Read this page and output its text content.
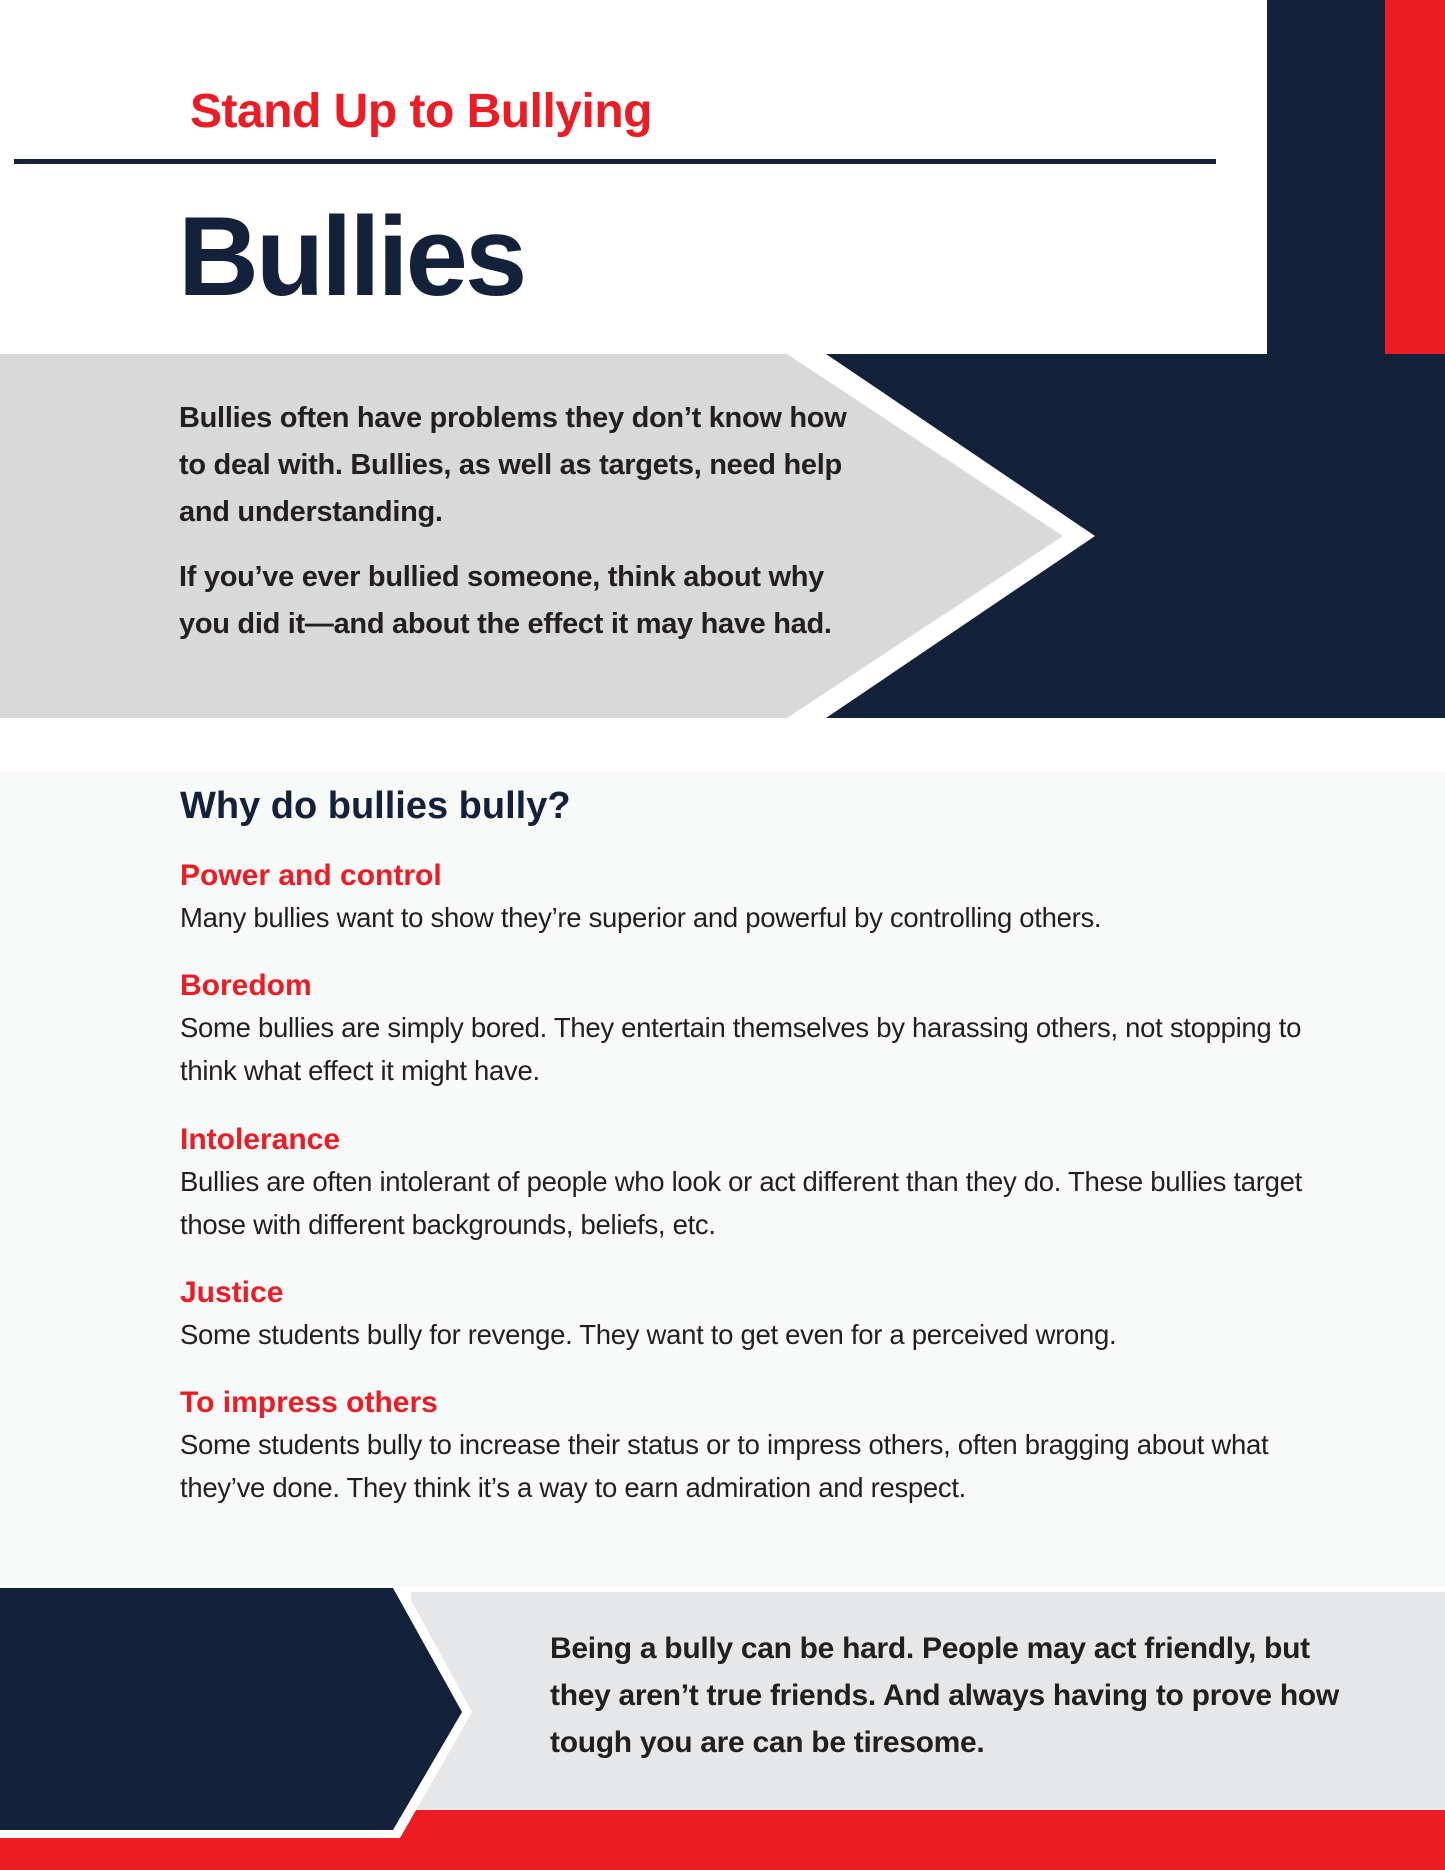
Stand Up to Bullying
Bullies
Bullies often have problems they don’t know how to deal with. Bullies, as well as targets, need help and understanding.
If you’ve ever bullied someone, think about why you did it—and about the effect it may have had.
Why do bullies bully?
Power and control
Many bullies want to show they’re superior and powerful by controlling others.
Boredom
Some bullies are simply bored. They entertain themselves by harassing others, not stopping to think what effect it might have.
Intolerance
Bullies are often intolerant of people who look or act different than they do. These bullies target those with different backgrounds, beliefs, etc.
Justice
Some students bully for revenge. They want to get even for a perceived wrong.
To impress others
Some students bully to increase their status or to impress others, often bragging about what they’ve done. They think it’s a way to earn admiration and respect.
Being a bully can be hard. People may act friendly, but they aren’t true friends. And always having to prove how tough you are can be tiresome.
